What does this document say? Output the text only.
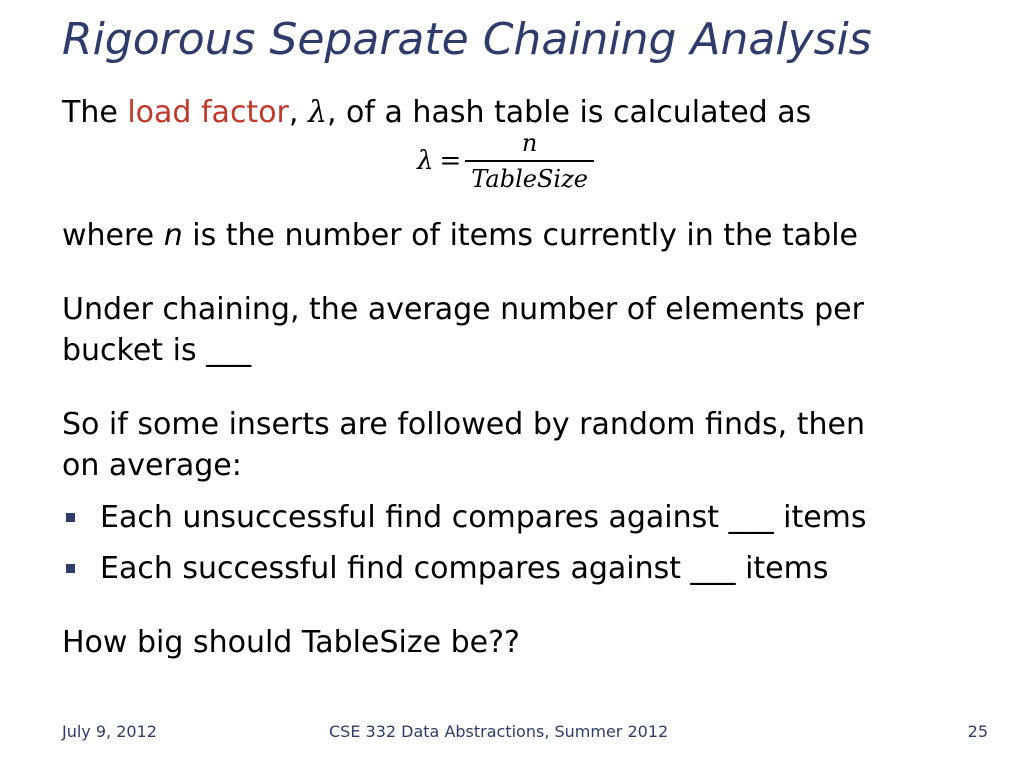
Rigorous Separate Chaining Analysis
The load factor, λ, of a hash table is calculated as
$\lambda = \frac{n}{\text{TableSize}}$
where n is the number of items currently in the table
Under chaining, the average number of elements per
bucket is ___
So if some inserts are followed by random finds, then
on average:
Each unsuccessful find compares against ___ items
Each successful find compares against ___ items
How big should TableSize be??
July 9, 2012	CSE 332 Data Abstractions, Summer 2012	25
